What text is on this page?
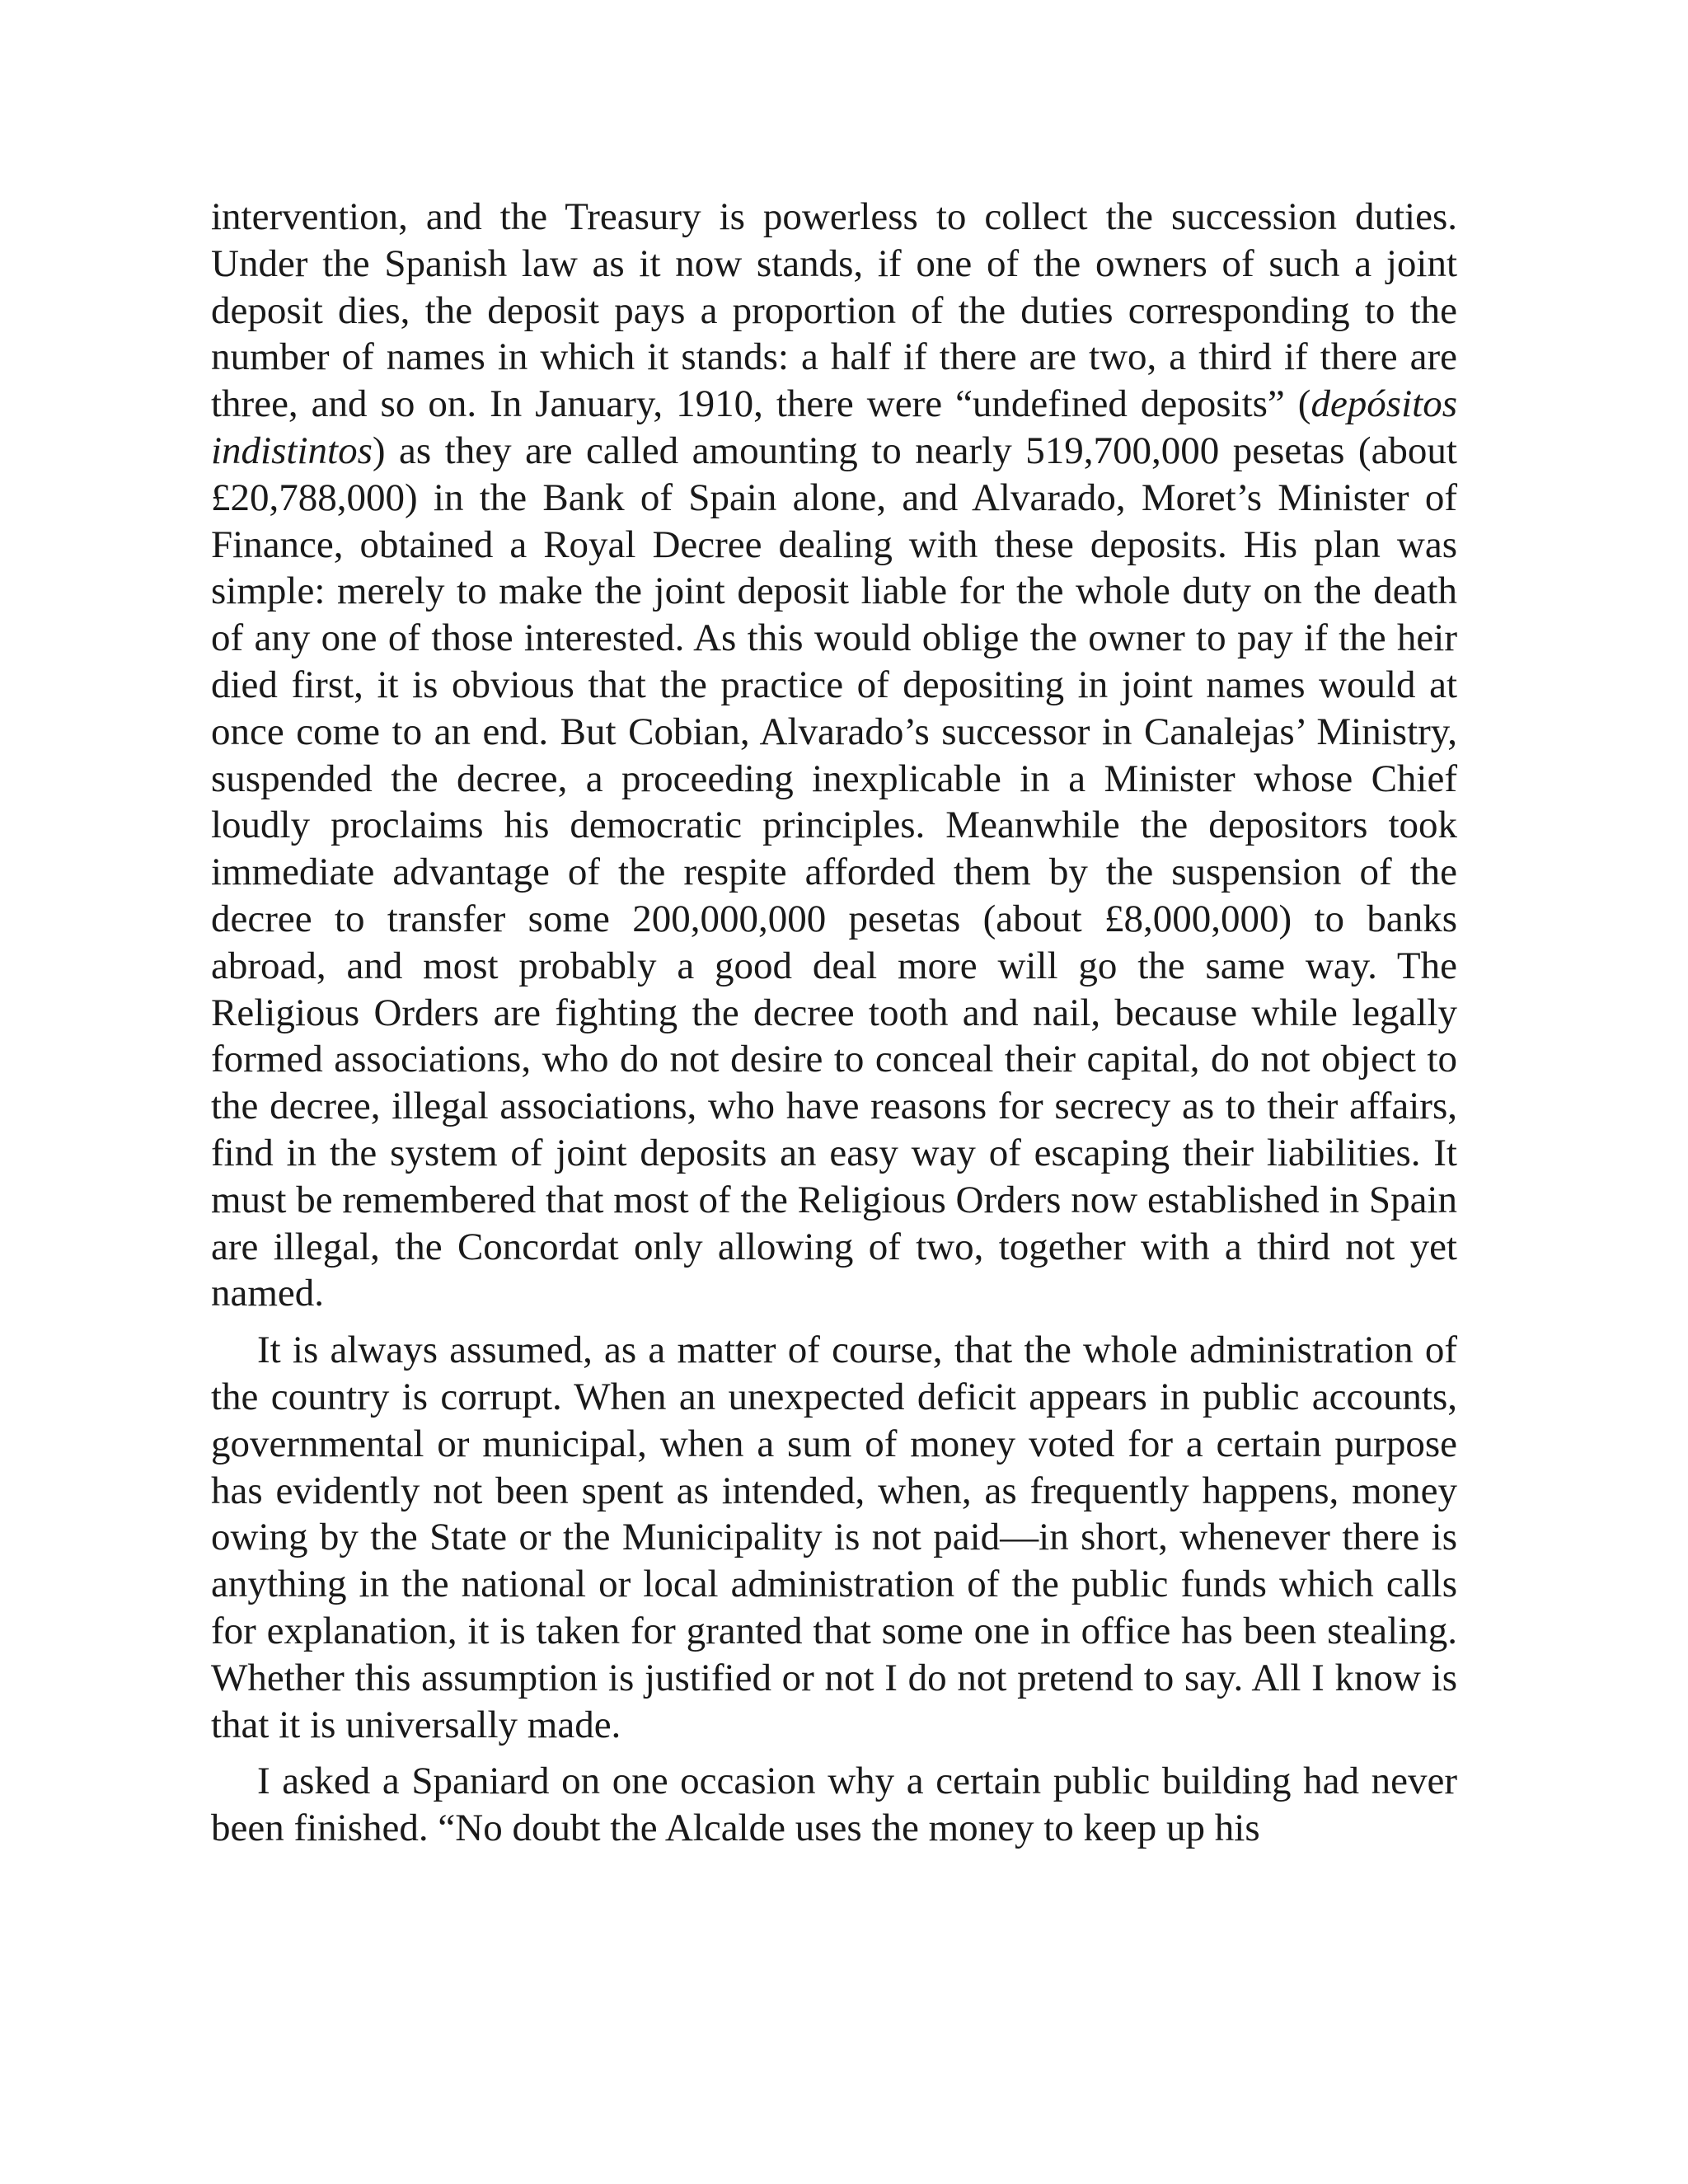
intervention, and the Treasury is powerless to collect the succession duties. Under the Spanish law as it now stands, if one of the owners of such a joint deposit dies, the deposit pays a proportion of the duties corresponding to the number of names in which it stands: a half if there are two, a third if there are three, and so on. In January, 1910, there were “undefined deposits” (depósitos indistintos) as they are called amounting to nearly 519,700,000 pesetas (about £20,788,000) in the Bank of Spain alone, and Alvarado, Moret’s Minister of Finance, obtained a Royal Decree dealing with these deposits. His plan was simple: merely to make the joint deposit liable for the whole duty on the death of any one of those interested. As this would oblige the owner to pay if the heir died first, it is obvious that the practice of depositing in joint names would at once come to an end. But Cobian, Alvarado’s successor in Canalejas’ Ministry, suspended the decree, a proceeding inexplicable in a Minister whose Chief loudly proclaims his democratic principles. Meanwhile the depositors took immediate advantage of the respite afforded them by the suspension of the decree to transfer some 200,000,000 pesetas (about £8,000,000) to banks abroad, and most probably a good deal more will go the same way. The Religious Orders are fighting the decree tooth and nail, because while legally formed associations, who do not desire to conceal their capital, do not object to the decree, illegal associations, who have reasons for secrecy as to their affairs, find in the system of joint deposits an easy way of escaping their liabilities. It must be remembered that most of the Religious Orders now established in Spain are illegal, the Concordat only allowing of two, together with a third not yet named.

It is always assumed, as a matter of course, that the whole administration of the country is corrupt. When an unexpected deficit appears in public accounts, governmental or municipal, when a sum of money voted for a certain purpose has evidently not been spent as intended, when, as frequently happens, money owing by the State or the Municipality is not paid—in short, whenever there is anything in the national or local administration of the public funds which calls for explanation, it is taken for granted that some one in office has been stealing. Whether this assumption is justified or not I do not pretend to say. All I know is that it is universally made.

I asked a Spaniard on one occasion why a certain public building had never been finished. “No doubt the Alcalde uses the money to keep up his
